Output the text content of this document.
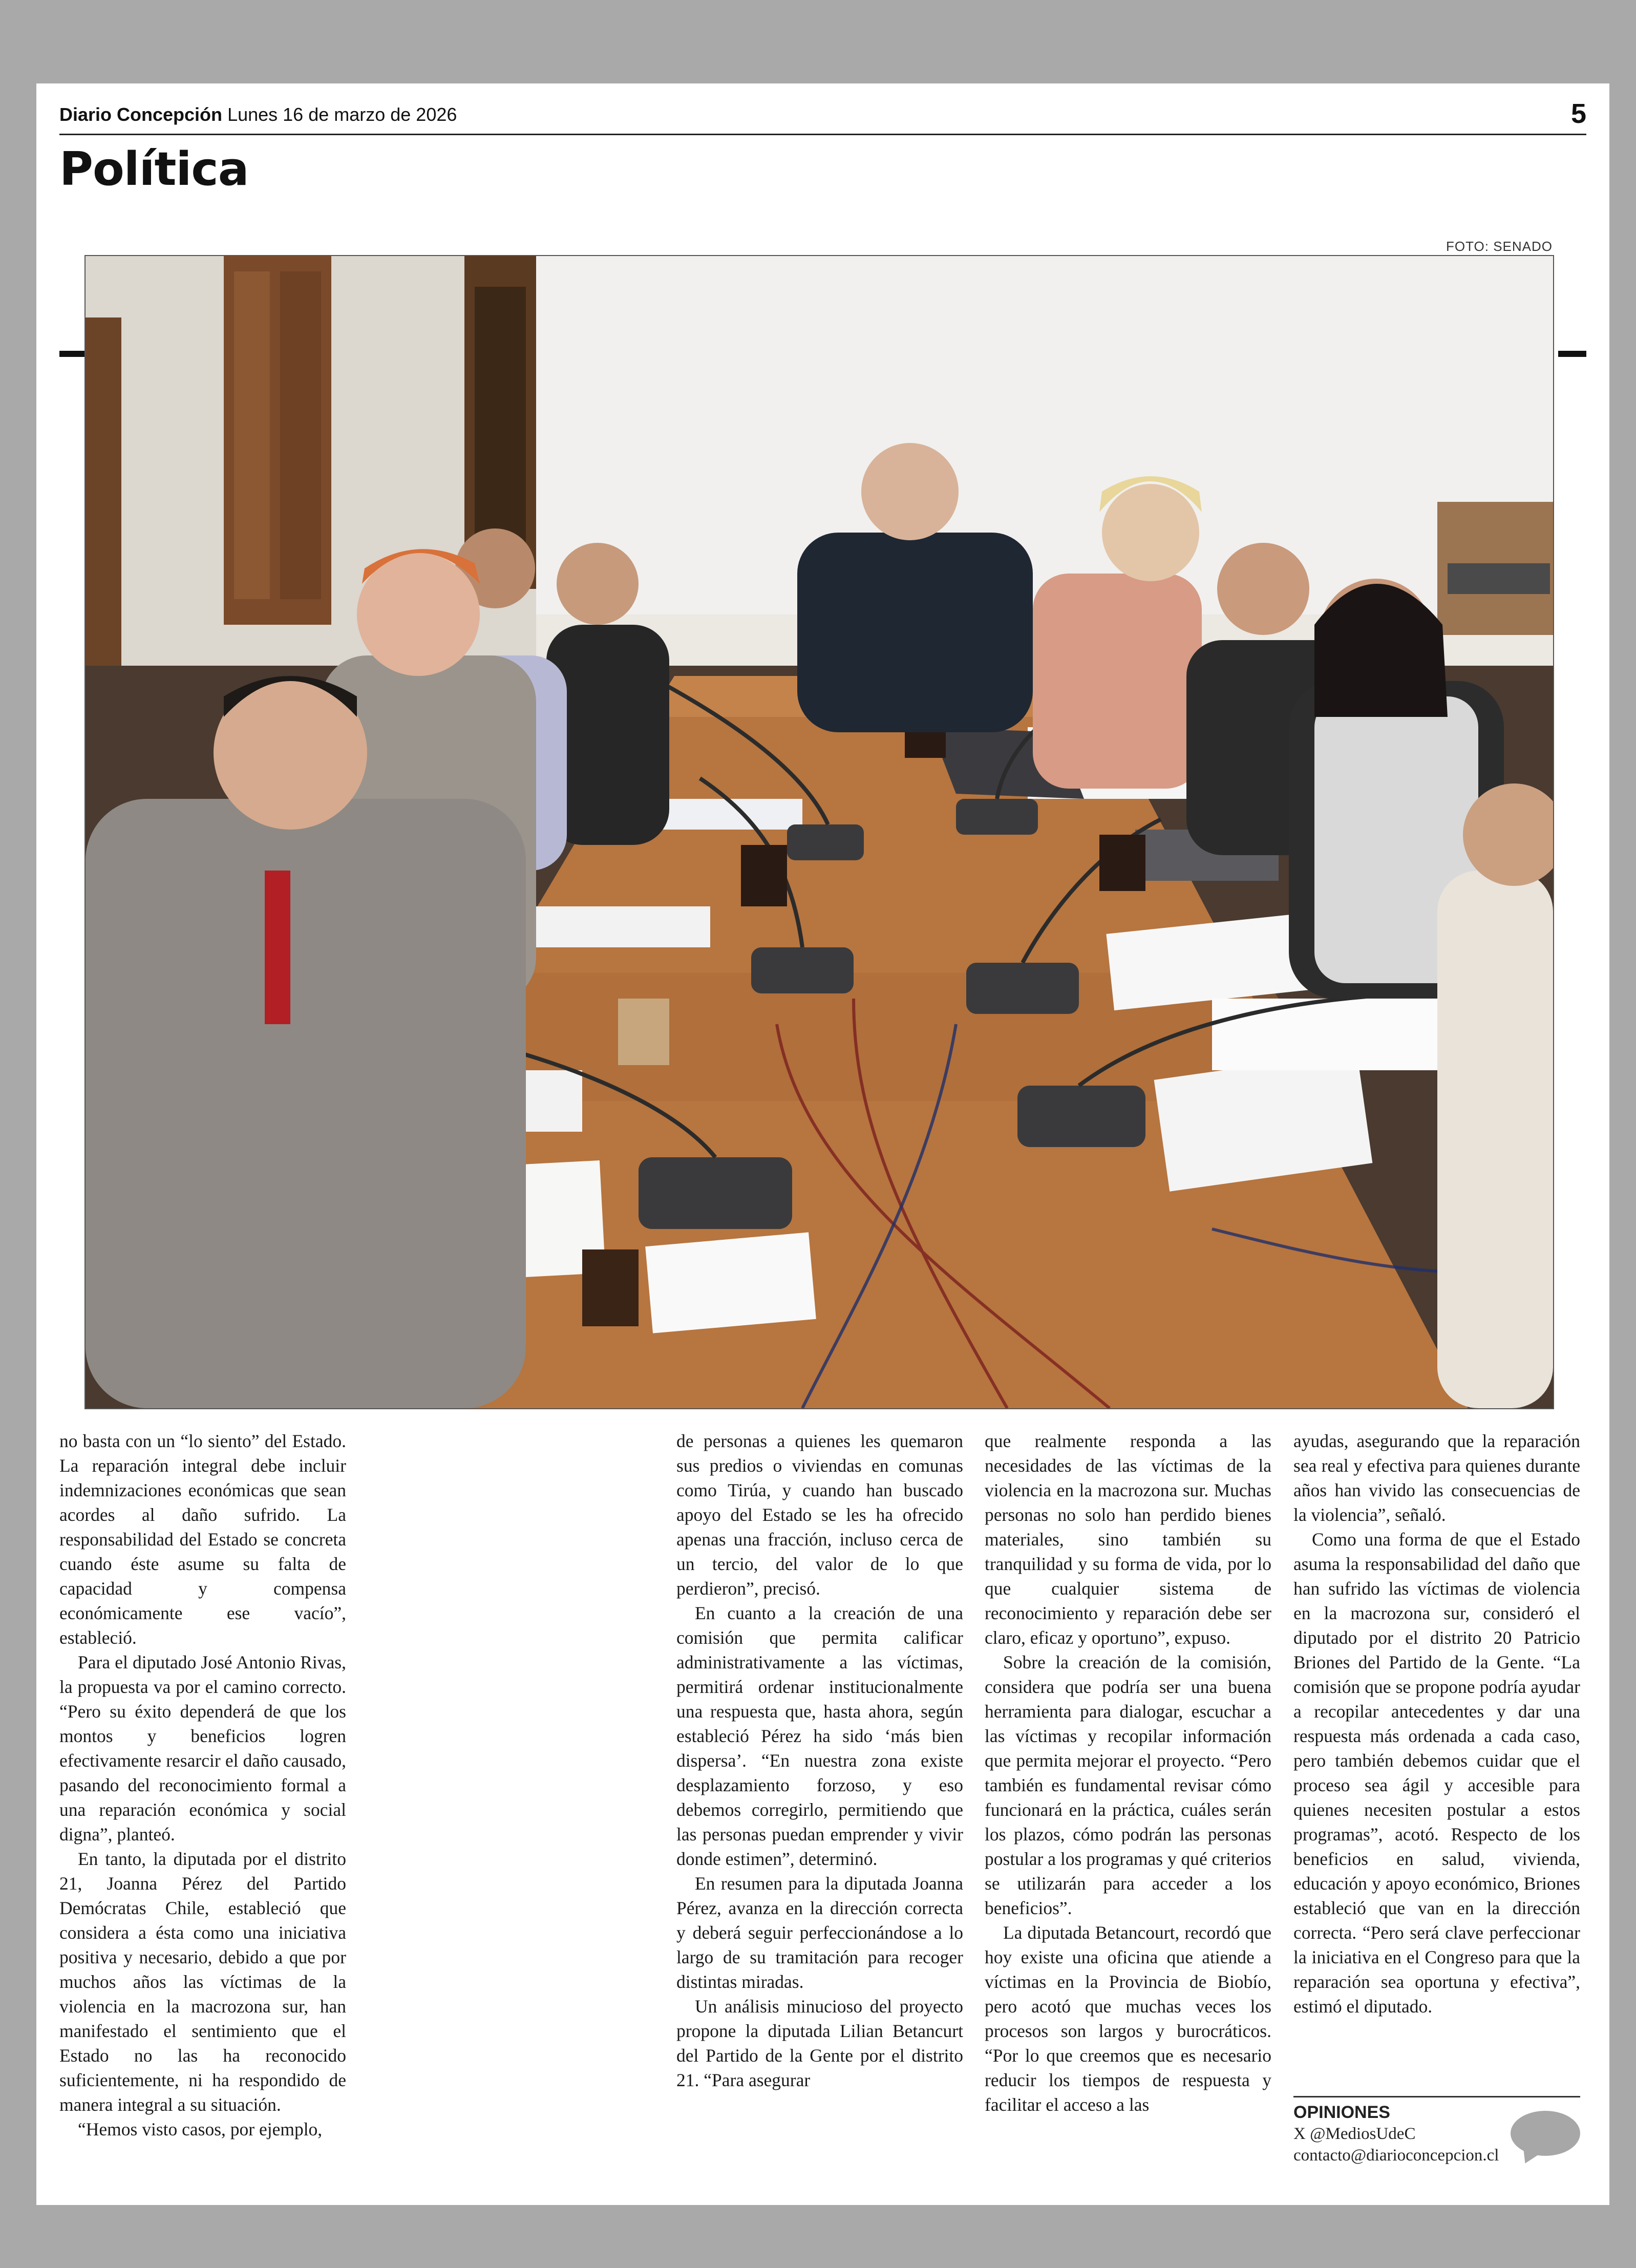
Diario Concepción Lunes 16 de marzo de 2026	5
Política
FOTO: SENADO

no basta con un “lo siento” del Estado. La reparación integral debe incluir indemnizaciones económicas que sean acordes al daño sufrido. La responsabilidad del Estado se concreta cuando éste asume su falta de capacidad y compensa económicamente ese vacío”, estableció.

Para el diputado José Antonio Rivas, la propuesta va por el camino correcto. “Pero su éxito dependerá de que los montos y beneficios logren efectivamente resarcir el daño causado, pasando del reconocimiento formal a una reparación económica y social digna”, planteó.

En tanto, la diputada por el distrito 21, Joanna Pérez del Partido Demócratas Chile, estableció que considera a ésta como una iniciativa positiva y necesario, debido a que por muchos años las víctimas de la violencia en la macrozona sur, han manifestado el sentimiento que el Estado no las ha reconocido suficientemente, ni ha respondido de manera integral a su situación.

“Hemos visto casos, por ejemplo,

de personas a quienes les quemaron sus predios o viviendas en comunas como Tirúa, y cuando han buscado apoyo del Estado se les ha ofrecido apenas una fracción, incluso cerca de un tercio, del valor de lo que perdieron”, precisó.

En cuanto a la creación de una comisión que permita calificar administrativamente a las víctimas, permitirá ordenar institucionalmente una respuesta que, hasta ahora, según estableció Pérez ha sido ‘más bien dispersa’. “En nuestra zona existe desplazamiento forzoso, y eso debemos corregirlo, permitiendo que las personas puedan emprender y vivir donde estimen”, determinó.

En resumen para la diputada Joanna Pérez, avanza en la dirección correcta y deberá seguir perfeccionándose a lo largo de su tramitación para recoger distintas miradas.

Un análisis minucioso del proyecto propone la diputada Lilian Betancurt del Partido de la Gente por el distrito 21. “Para asegurar

que realmente responda a las necesidades de las víctimas de la violencia en la macrozona sur. Muchas personas no solo han perdido bienes materiales, sino también su tranquilidad y su forma de vida, por lo que cualquier sistema de reconocimiento y reparación debe ser claro, eficaz y oportuno”, expuso.

Sobre la creación de la comisión, considera que podría ser una buena herramienta para dialogar, escuchar a las víctimas y recopilar información que permita mejorar el proyecto. “Pero también es fundamental revisar cómo funcionará en la práctica, cuáles serán los plazos, cómo podrán las personas postular a los programas y qué criterios se utilizarán para acceder a los beneficios”.

La diputada Betancourt, recordó que hoy existe una oficina que atiende a víctimas en la Provincia de Biobío, pero acotó que muchas veces los procesos son largos y burocráticos. “Por lo que creemos que es necesario reducir los tiempos de respuesta y facilitar el acceso a las

ayudas, asegurando que la reparación sea real y efectiva para quienes durante años han vivido las consecuencias de la violencia”, señaló.

Como una forma de que el Estado asuma la responsabilidad del daño que han sufrido las víctimas de violencia en la macrozona sur, consideró el diputado por el distrito 20 Patricio Briones del Partido de la Gente. “La comisión que se propone podría ayudar a recopilar antecedentes y dar una respuesta más ordenada a cada caso, pero también debemos cuidar que el proceso sea ágil y accesible para quienes necesiten postular a estos programas”, acotó. Respecto de los beneficios en salud, vivienda, educación y apoyo económico, Briones estableció que van en la dirección correcta. “Pero será clave perfeccionar la iniciativa en el Congreso para que la reparación sea oportuna y efectiva”, estimó el diputado.

OPINIONES
X @MediosUdeC
contacto@diarioconcepcion.cl
